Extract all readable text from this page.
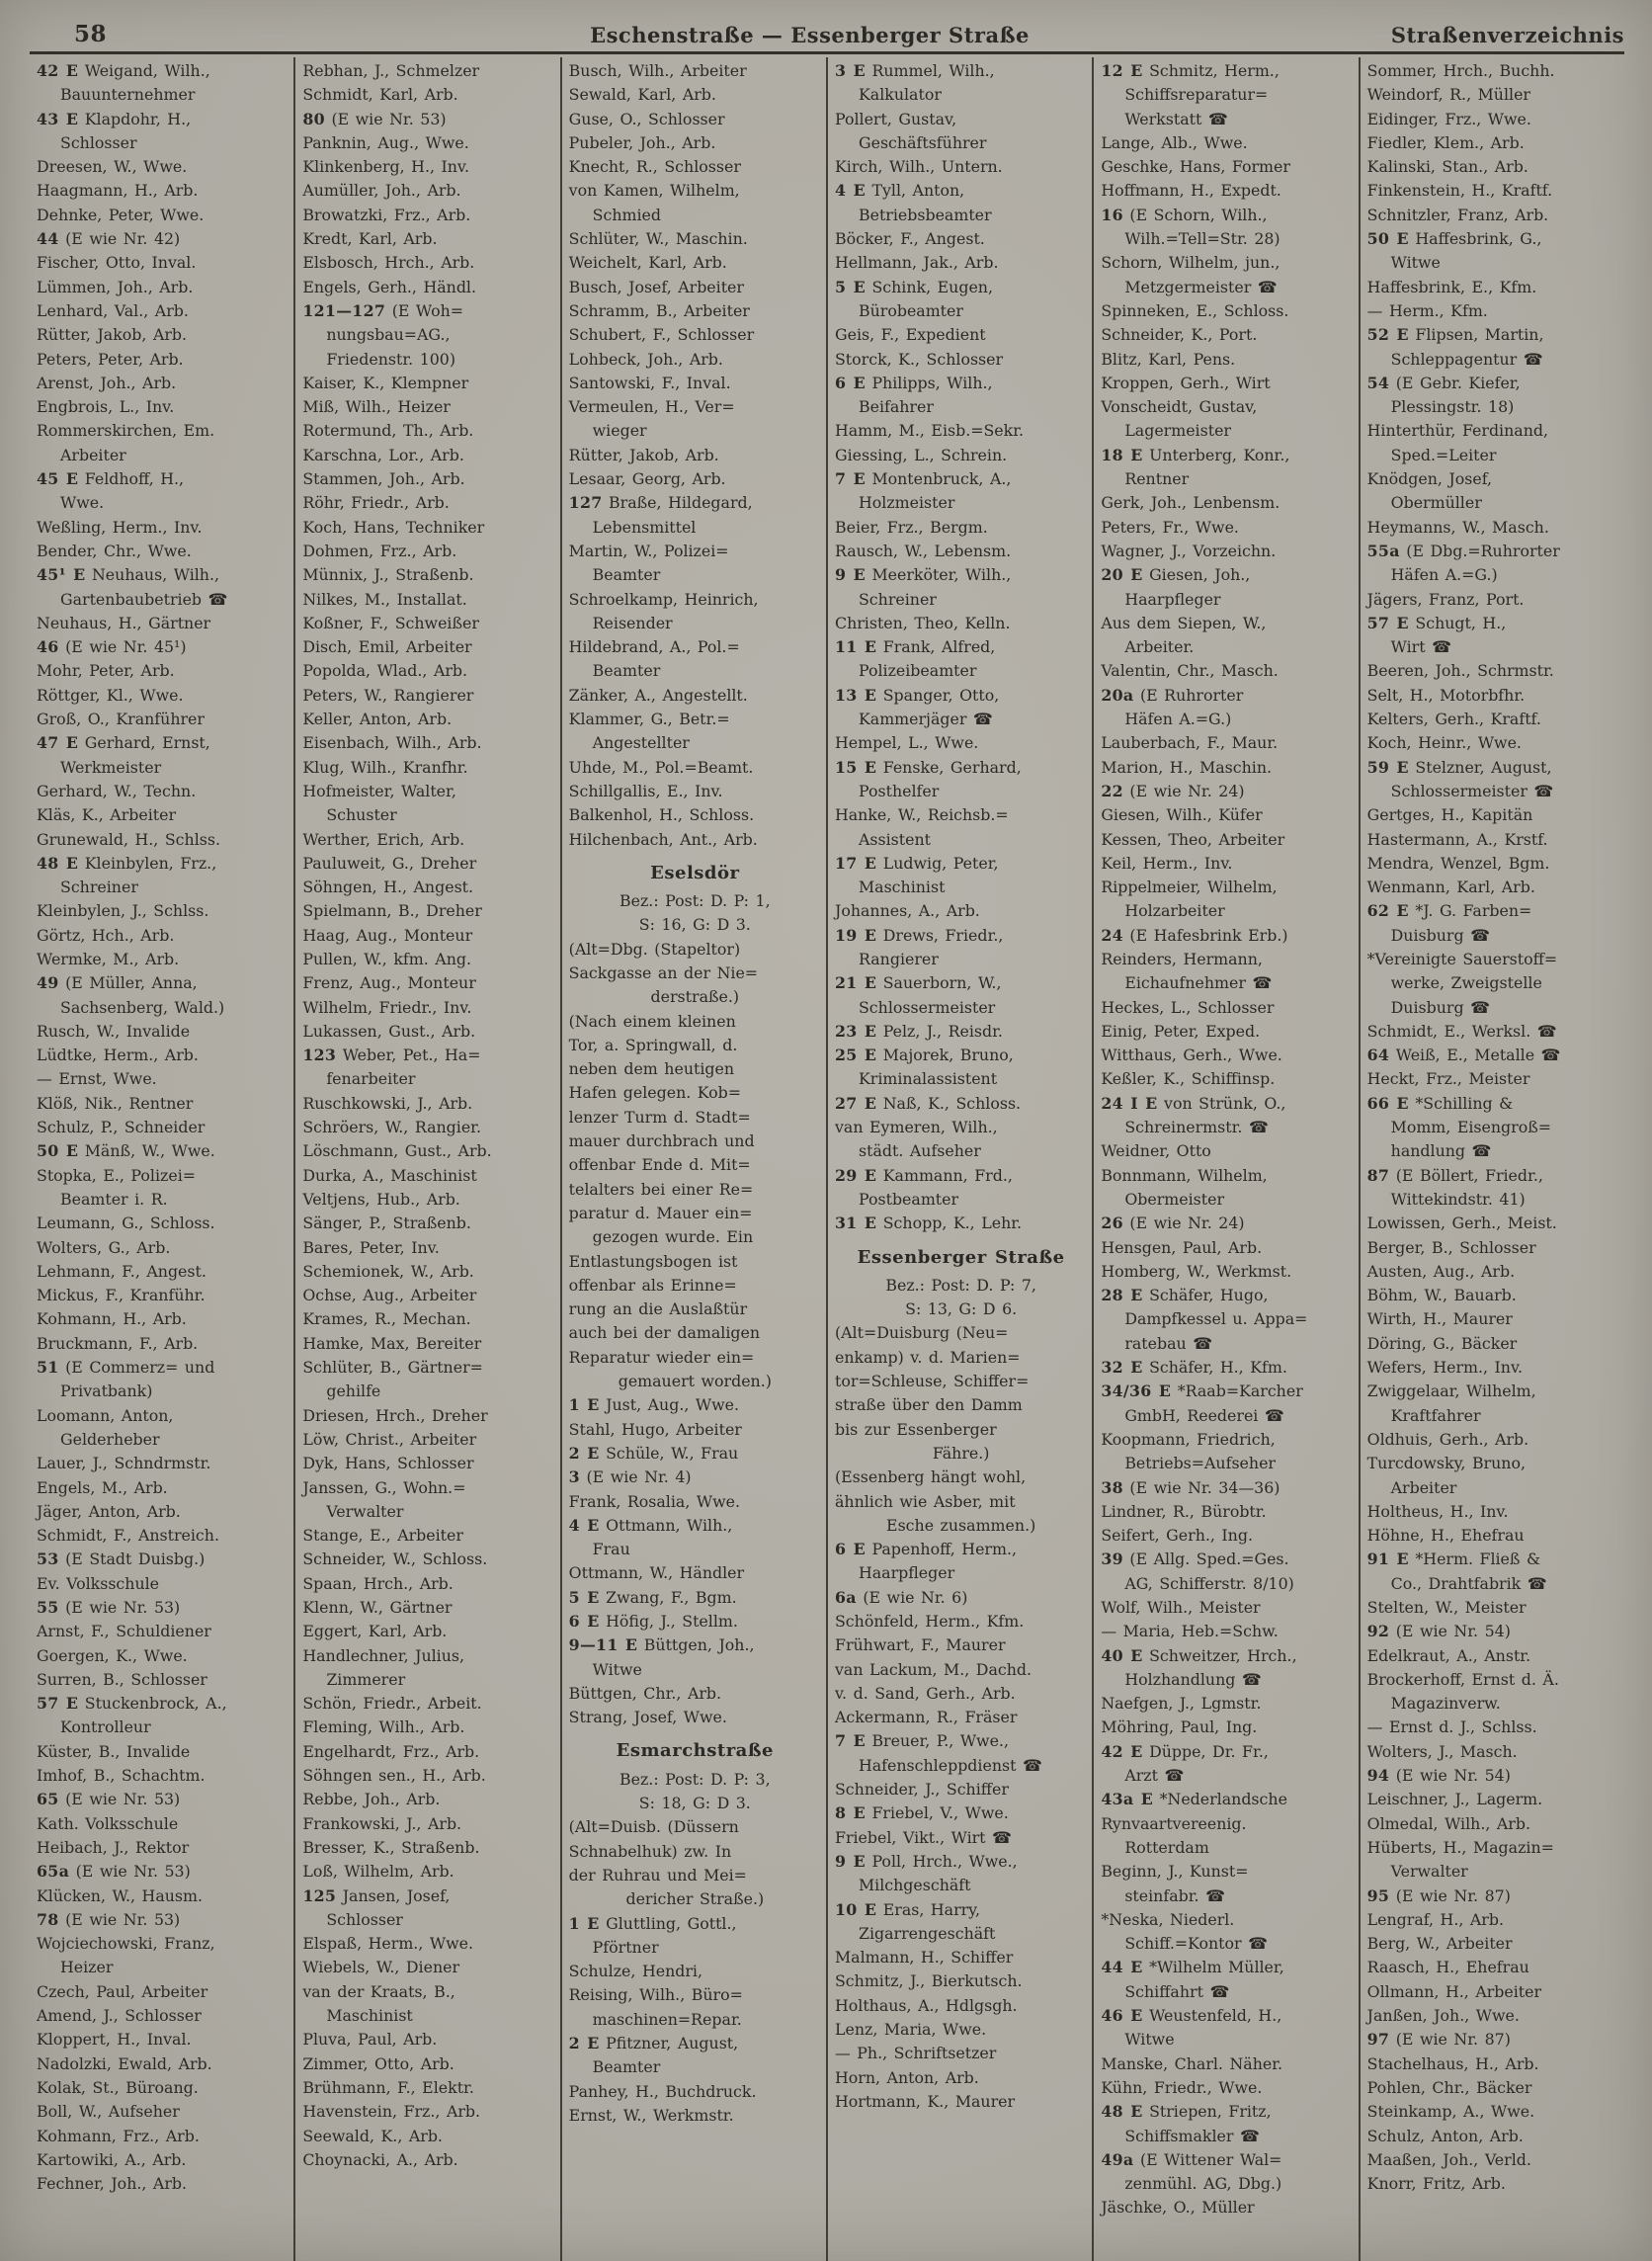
58	Eschenstraße — Essenberger Straße	Straßenverzeichnis
42 E Weigand, Wilh.,
Bauunternehmer
43 E Klapdohr, H.,
Schlosser
Dreesen, W., Wwe.
Haagmann, H., Arb.
Dehnke, Peter, Wwe.
44 (E wie Nr. 42)
Fischer, Otto, Inval.
Lümmen, Joh., Arb.
Lenhard, Val., Arb.
Rütter, Jakob, Arb.
Peters, Peter, Arb.
Arenst, Joh., Arb.
Engbrois, L., Inv.
Rommerskirchen, Em.
Arbeiter
45 E Feldhoff, H.,
Wwe.
Weßling, Herm., Inv.
Bender, Chr., Wwe.
45¹ E Neuhaus, Wilh.,
Gartenbaubetrieb ☎
Neuhaus, H., Gärtner
46 (E wie Nr. 45¹)
Mohr, Peter, Arb.
Röttger, Kl., Wwe.
Groß, O., Kranführer
47 E Gerhard, Ernst,
Werkmeister
Gerhard, W., Techn.
Kläs, K., Arbeiter
Grunewald, H., Schlss.
48 E Kleinbylen, Frz.,
Schreiner
Kleinbylen, J., Schlss.
Görtz, Hch., Arb.
Wermke, M., Arb.
49 (E Müller, Anna,
Sachsenberg, Wald.)
Rusch, W., Invalide
Lüdtke, Herm., Arb.
— Ernst, Wwe.
Klöß, Nik., Rentner
Schulz, P., Schneider
50 E Mänß, W., Wwe.
Stopka, E., Polizei=
Beamter i. R.
Leumann, G., Schloss.
Wolters, G., Arb.
Lehmann, F., Angest.
Mickus, F., Kranführ.
Kohmann, H., Arb.
Bruckmann, F., Arb.
51 (E Commerz= und
Privatbank)
Loomann, Anton,
Gelderheber
Lauer, J., Schndrmstr.
Engels, M., Arb.
Jäger, Anton, Arb.
Schmidt, F., Anstreich.
53 (E Stadt Duisbg.)
Ev. Volksschule
55 (E wie Nr. 53)
Arnst, F., Schuldiener
Goergen, K., Wwe.
Surren, B., Schlosser
57 E Stuckenbrock, A.,
Kontrolleur
Küster, B., Invalide
Imhof, B., Schachtm.
65 (E wie Nr. 53)
Kath. Volksschule
Heibach, J., Rektor
65a (E wie Nr. 53)
Klücken, W., Hausm.
78 (E wie Nr. 53)
Wojciechowski, Franz,
Heizer
Czech, Paul, Arbeiter
Amend, J., Schlosser
Kloppert, H., Inval.
Nadolzki, Ewald, Arb.
Kolak, St., Büroang.
Boll, W., Aufseher
Kohmann, Frz., Arb.
Kartowiki, A., Arb.
Fechner, Joh., Arb.
Rebhan, J., Schmelzer
Schmidt, Karl, Arb.
80 (E wie Nr. 53)
Panknin, Aug., Wwe.
Klinkenberg, H., Inv.
Aumüller, Joh., Arb.
Browatzki, Frz., Arb.
Kredt, Karl, Arb.
Elsbosch, Hrch., Arb.
Engels, Gerh., Händl.
121—127 (E Woh=
nungsbau=AG.,
Friedenstr. 100)
Kaiser, K., Klempner
Miß, Wilh., Heizer
Rotermund, Th., Arb.
Karschna, Lor., Arb.
Stammen, Joh., Arb.
Röhr, Friedr., Arb.
Koch, Hans, Techniker
Dohmen, Frz., Arb.
Münnix, J., Straßenb.
Nilkes, M., Installat.
Koßner, F., Schweißer
Disch, Emil, Arbeiter
Popolda, Wlad., Arb.
Peters, W., Rangierer
Keller, Anton, Arb.
Eisenbach, Wilh., Arb.
Klug, Wilh., Kranfhr.
Hofmeister, Walter,
Schuster
Werther, Erich, Arb.
Pauluweit, G., Dreher
Söhngen, H., Angest.
Spielmann, B., Dreher
Haag, Aug., Monteur
Pullen, W., kfm. Ang.
Frenz, Aug., Monteur
Wilhelm, Friedr., Inv.
Lukassen, Gust., Arb.
123 Weber, Pet., Ha=
fenarbeiter
Ruschkowski, J., Arb.
Schröers, W., Rangier.
Löschmann, Gust., Arb.
Durka, A., Maschinist
Veltjens, Hub., Arb.
Sänger, P., Straßenb.
Bares, Peter, Inv.
Schemionek, W., Arb.
Ochse, Aug., Arbeiter
Krames, R., Mechan.
Hamke, Max, Bereiter
Schlüter, B., Gärtner=
gehilfe
Driesen, Hrch., Dreher
Löw, Christ., Arbeiter
Dyk, Hans, Schlosser
Janssen, G., Wohn.=
Verwalter
Stange, E., Arbeiter
Schneider, W., Schloss.
Spaan, Hrch., Arb.
Klenn, W., Gärtner
Eggert, Karl, Arb.
Handlechner, Julius,
Zimmerer
Schön, Friedr., Arbeit.
Fleming, Wilh., Arb.
Engelhardt, Frz., Arb.
Söhngen sen., H., Arb.
Rebbe, Joh., Arb.
Frankowski, J., Arb.
Bresser, K., Straßenb.
Loß, Wilhelm, Arb.
125 Jansen, Josef,
Schlosser
Elspaß, Herm., Wwe.
Wiebels, W., Diener
van der Kraats, B.,
Maschinist
Pluva, Paul, Arb.
Zimmer, Otto, Arb.
Brühmann, F., Elektr.
Havenstein, Frz., Arb.
Seewald, K., Arb.
Choynacki, A., Arb.
Busch, Wilh., Arbeiter
Sewald, Karl, Arb.
Guse, O., Schlosser
Pubeler, Joh., Arb.
Knecht, R., Schlosser
von Kamen, Wilhelm,
Schmied
Schlüter, W., Maschin.
Weichelt, Karl, Arb.
Busch, Josef, Arbeiter
Schramm, B., Arbeiter
Schubert, F., Schlosser
Lohbeck, Joh., Arb.
Santowski, F., Inval.
Vermeulen, H., Ver=
wieger
Rütter, Jakob, Arb.
Lesaar, Georg, Arb.
127 Braße, Hildegard,
Lebensmittel
Martin, W., Polizei=
Beamter
Schroelkamp, Heinrich,
Reisender
Hildebrand, A., Pol.=
Beamter
Zänker, A., Angestellt.
Klammer, G., Betr.=
Angestellter
Uhde, M., Pol.=Beamt.
Schillgallis, E., Inv.
Balkenhol, H., Schloss.
Hilchenbach, Ant., Arb.
Eselsdör
Bez.: Post: D. P: 1,
S: 16, G: D 3.
(Alt=Dbg. (Stapeltor)
Sackgasse an der Nie=
derstraße.)
(Nach einem kleinen
Tor, a. Springwall, d.
neben dem heutigen
Hafen gelegen. Kob=
lenzer Turm d. Stadt=
mauer durchbrach und
offenbar Ende d. Mit=
telalters bei einer Re=
paratur d. Mauer ein=
gezogen wurde. Ein
Entlastungsbogen ist
offenbar als Erinne=
rung an die Auslaßtür
auch bei der damaligen
Reparatur wieder ein=
gemauert worden.)
1 E Just, Aug., Wwe.
Stahl, Hugo, Arbeiter
2 E Schüle, W., Frau
3 (E wie Nr. 4)
Frank, Rosalia, Wwe.
4 E Ottmann, Wilh.,
Frau
Ottmann, W., Händler
5 E Zwang, F., Bgm.
6 E Höfig, J., Stellm.
9—11 E Büttgen, Joh.,
Witwe
Büttgen, Chr., Arb.
Strang, Josef, Wwe.
Esmarchstraße
Bez.: Post: D. P: 3,
S: 18, G: D 3.
(Alt=Duisb. (Düssern
Schnabelhuk) zw. In
der Ruhrau und Mei=
dericher Straße.)
1 E Gluttling, Gottl.,
Pförtner
Schulze, Hendri,
Reising, Wilh., Büro=
maschinen=Repar.
2 E Pfitzner, August,
Beamter
Panhey, H., Buchdruck.
Ernst, W., Werkmstr.
3 E Rummel, Wilh.,
Kalkulator
Pollert, Gustav,
Geschäftsführer
Kirch, Wilh., Untern.
4 E Tyll, Anton,
Betriebsbeamter
Böcker, F., Angest.
Hellmann, Jak., Arb.
5 E Schink, Eugen,
Bürobeamter
Geis, F., Expedient
Storck, K., Schlosser
6 E Philipps, Wilh.,
Beifahrer
Hamm, M., Eisb.=Sekr.
Giessing, L., Schrein.
7 E Montenbruck, A.,
Holzmeister
Beier, Frz., Bergm.
Rausch, W., Lebensm.
9 E Meerköter, Wilh.,
Schreiner
Christen, Theo, Kelln.
11 E Frank, Alfred,
Polizeibeamter
13 E Spanger, Otto,
Kammerjäger ☎
Hempel, L., Wwe.
15 E Fenske, Gerhard,
Posthelfer
Hanke, W., Reichsb.=
Assistent
17 E Ludwig, Peter,
Maschinist
Johannes, A., Arb.
19 E Drews, Friedr.,
Rangierer
21 E Sauerborn, W.,
Schlossermeister
23 E Pelz, J., Reisdr.
25 E Majorek, Bruno,
Kriminalassistent
27 E Naß, K., Schloss.
van Eymeren, Wilh.,
städt. Aufseher
29 E Kammann, Frd.,
Postbeamter
31 E Schopp, K., Lehr.
Essenberger Straße
Bez.: Post: D. P: 7,
S: 13, G: D 6.
(Alt=Duisburg (Neu=
enkamp) v. d. Marien=
tor=Schleuse, Schiffer=
straße über den Damm
bis zur Essenberger
Fähre.)
(Essenberg hängt wohl,
ähnlich wie Asber, mit
Esche zusammen.)
6 E Papenhoff, Herm.,
Haarpfleger
6a (E wie Nr. 6)
Schönfeld, Herm., Kfm.
Frühwart, F., Maurer
van Lackum, M., Dachd.
v. d. Sand, Gerh., Arb.
Ackermann, R., Fräser
7 E Breuer, P., Wwe.,
Hafenschleppdienst ☎
Schneider, J., Schiffer
8 E Friebel, V., Wwe.
Friebel, Vikt., Wirt ☎
9 E Poll, Hrch., Wwe.,
Milchgeschäft
10 E Eras, Harry,
Zigarrengeschäft
Malmann, H., Schiffer
Schmitz, J., Bierkutsch.
Holthaus, A., Hdlgsgh.
Lenz, Maria, Wwe.
— Ph., Schriftsetzer
Horn, Anton, Arb.
Hortmann, K., Maurer
12 E Schmitz, Herm.,
Schiffsreparatur=
Werkstatt ☎
Lange, Alb., Wwe.
Geschke, Hans, Former
Hoffmann, H., Expedt.
16 (E Schorn, Wilh.,
Wilh.=Tell=Str. 28)
Schorn, Wilhelm, jun.,
Metzgermeister ☎
Spinneken, E., Schloss.
Schneider, K., Port.
Blitz, Karl, Pens.
Kroppen, Gerh., Wirt
Vonscheidt, Gustav,
Lagermeister
18 E Unterberg, Konr.,
Rentner
Gerk, Joh., Lenbensm.
Peters, Fr., Wwe.
Wagner, J., Vorzeichn.
20 E Giesen, Joh.,
Haarpfleger
Aus dem Siepen, W.,
Arbeiter.
Valentin, Chr., Masch.
20a (E Ruhrorter
Häfen A.=G.)
Lauberbach, F., Maur.
Marion, H., Maschin.
22 (E wie Nr. 24)
Giesen, Wilh., Küfer
Kessen, Theo, Arbeiter
Keil, Herm., Inv.
Rippelmeier, Wilhelm,
Holzarbeiter
24 (E Hafesbrink Erb.)
Reinders, Hermann,
Eichaufnehmer ☎
Heckes, L., Schlosser
Einig, Peter, Exped.
Witthaus, Gerh., Wwe.
Keßler, K., Schiffinsp.
24 I E von Strünk, O.,
Schreinermstr. ☎
Weidner, Otto
Bonnmann, Wilhelm,
Obermeister
26 (E wie Nr. 24)
Hensgen, Paul, Arb.
Homberg, W., Werkmst.
28 E Schäfer, Hugo,
Dampfkessel u. Appa=
ratebau ☎
32 E Schäfer, H., Kfm.
34/36 E *Raab=Karcher
GmbH, Reederei ☎
Koopmann, Friedrich,
Betriebs=Aufseher
38 (E wie Nr. 34—36)
Lindner, R., Bürobtr.
Seifert, Gerh., Ing.
39 (E Allg. Sped.=Ges.
AG, Schifferstr. 8/10)
Wolf, Wilh., Meister
— Maria, Heb.=Schw.
40 E Schweitzer, Hrch.,
Holzhandlung ☎
Naefgen, J., Lgmstr.
Möhring, Paul, Ing.
42 E Düppe, Dr. Fr.,
Arzt ☎
43a E *Nederlandsche
Rynvaartvereenig.
Rotterdam
Beginn, J., Kunst=
steinfabr. ☎
*Neska, Niederl.
Schiff.=Kontor ☎
44 E *Wilhelm Müller,
Schiffahrt ☎
46 E Weustenfeld, H.,
Witwe
Manske, Charl. Näher.
Kühn, Friedr., Wwe.
48 E Striepen, Fritz,
Schiffsmakler ☎
49a (E Wittener Wal=
zenmühl. AG, Dbg.)
Jäschke, O., Müller
Sommer, Hrch., Buchh.
Weindorf, R., Müller
Eidinger, Frz., Wwe.
Fiedler, Klem., Arb.
Kalinski, Stan., Arb.
Finkenstein, H., Kraftf.
Schnitzler, Franz, Arb.
50 E Haffesbrink, G.,
Witwe
Haffesbrink, E., Kfm.
— Herm., Kfm.
52 E Flipsen, Martin,
Schleppagentur ☎
54 (E Gebr. Kiefer,
Plessingstr. 18)
Hinterthür, Ferdinand,
Sped.=Leiter
Knödgen, Josef,
Obermüller
Heymanns, W., Masch.
55a (E Dbg.=Ruhrorter
Häfen A.=G.)
Jägers, Franz, Port.
57 E Schugt, H.,
Wirt ☎
Beeren, Joh., Schrmstr.
Selt, H., Motorbfhr.
Kelters, Gerh., Kraftf.
Koch, Heinr., Wwe.
59 E Stelzner, August,
Schlossermeister ☎
Gertges, H., Kapitän
Hastermann, A., Krstf.
Mendra, Wenzel, Bgm.
Wenmann, Karl, Arb.
62 E *J. G. Farben=
Duisburg ☎
*Vereinigte Sauerstoff=
werke, Zweigstelle
Duisburg ☎
Schmidt, E., Werksl. ☎
64 Weiß, E., Metalle ☎
Heckt, Frz., Meister
66 E *Schilling &
Momm, Eisengroß=
handlung ☎
87 (E Böllert, Friedr.,
Wittekindstr. 41)
Lowissen, Gerh., Meist.
Berger, B., Schlosser
Austen, Aug., Arb.
Böhm, W., Bauarb.
Wirth, H., Maurer
Döring, G., Bäcker
Wefers, Herm., Inv.
Zwiggelaar, Wilhelm,
Kraftfahrer
Oldhuis, Gerh., Arb.
Turcdowsky, Bruno,
Arbeiter
Holtheus, H., Inv.
Höhne, H., Ehefrau
91 E *Herm. Fließ &
Co., Drahtfabrik ☎
Stelten, W., Meister
92 (E wie Nr. 54)
Edelkraut, A., Anstr.
Brockerhoff, Ernst d. Ä.
Magazinverw.
— Ernst d. J., Schlss.
Wolters, J., Masch.
94 (E wie Nr. 54)
Leischner, J., Lagerm.
Olmedal, Wilh., Arb.
Hüberts, H., Magazin=
Verwalter
95 (E wie Nr. 87)
Lengraf, H., Arb.
Berg, W., Arbeiter
Raasch, H., Ehefrau
Ollmann, H., Arbeiter
Janßen, Joh., Wwe.
97 (E wie Nr. 87)
Stachelhaus, H., Arb.
Pohlen, Chr., Bäcker
Steinkamp, A., Wwe.
Schulz, Anton, Arb.
Maaßen, Joh., Verld.
Knorr, Fritz, Arb.
